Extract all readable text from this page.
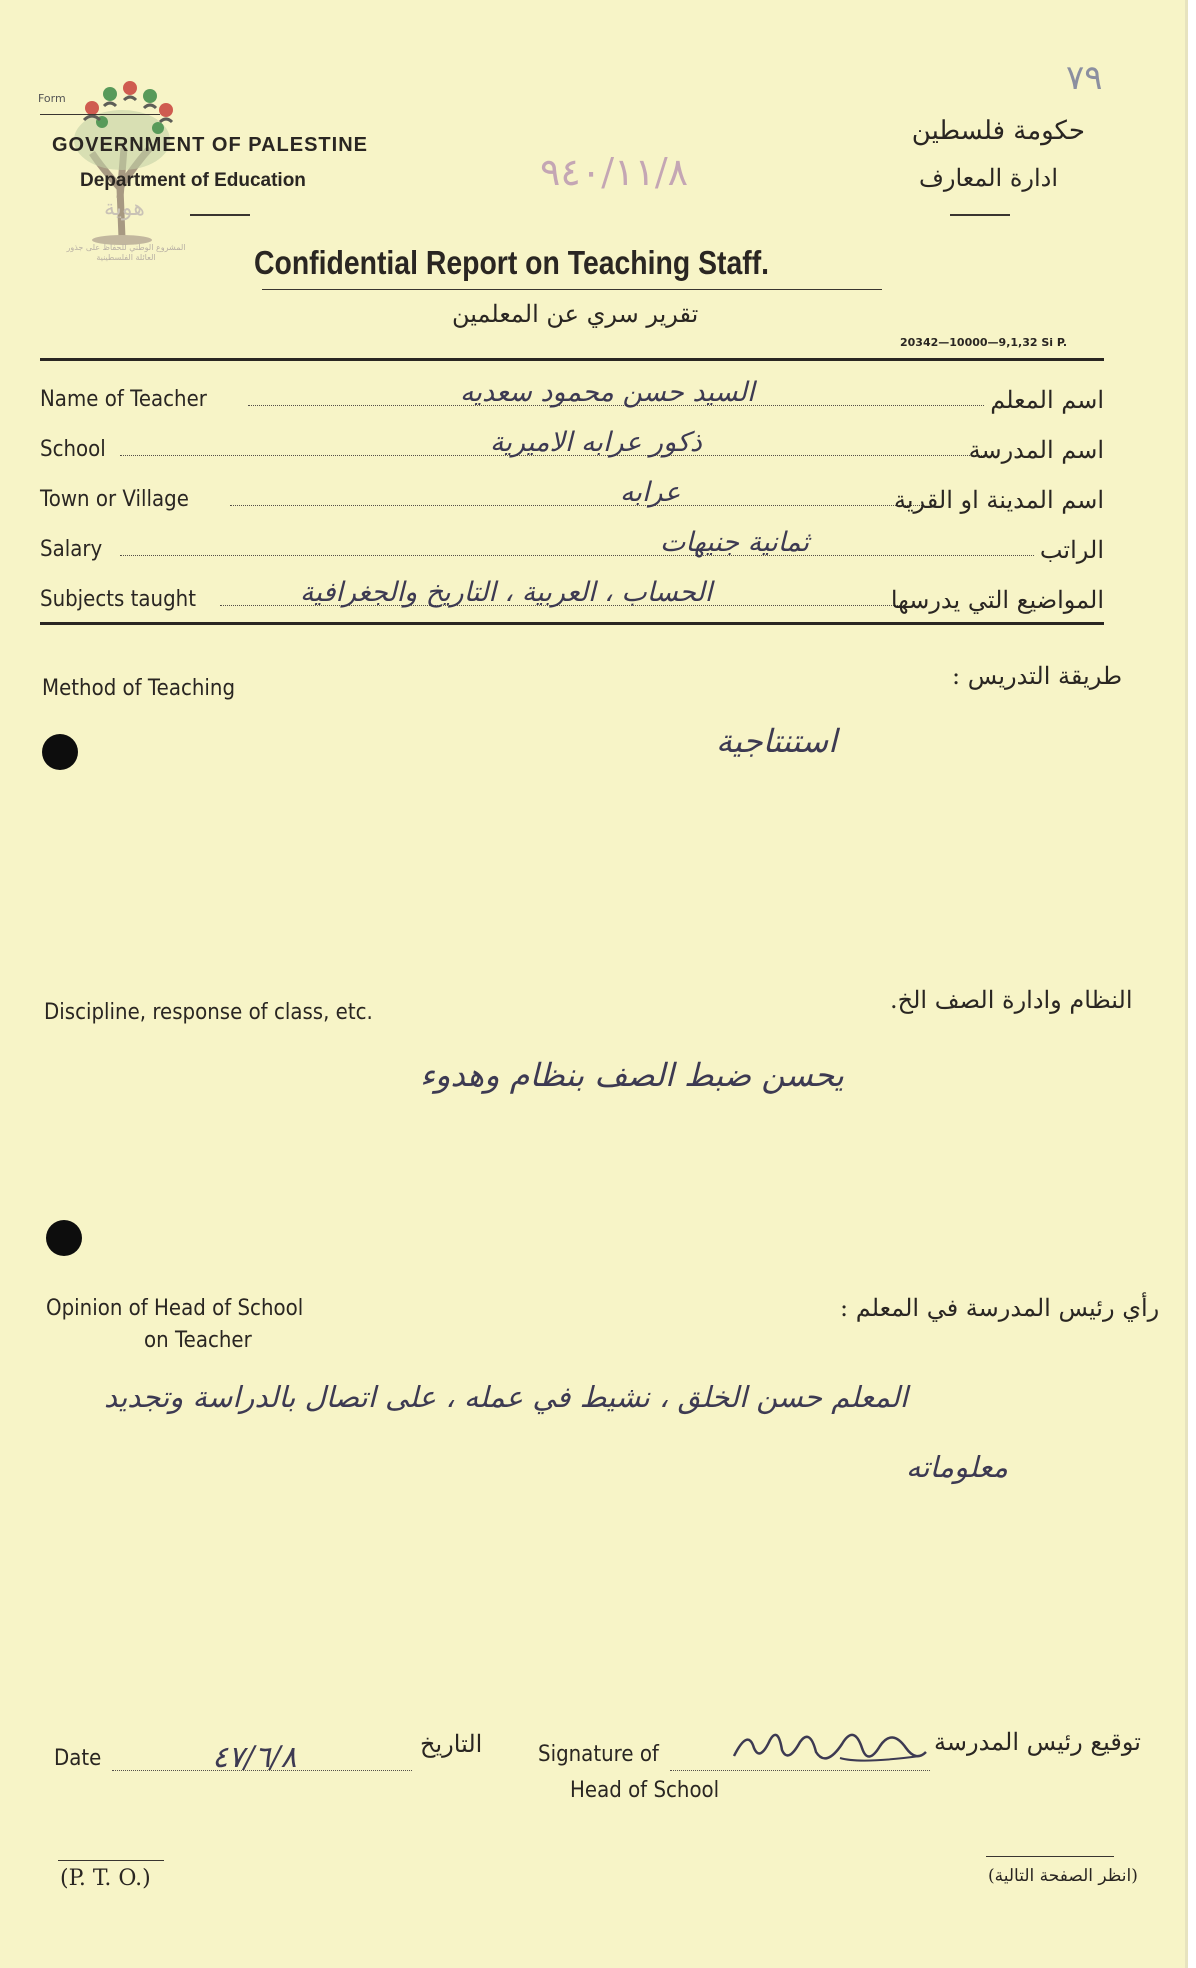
هوية
المشروع الوطني للحفاظ على جذور العائلة الفلسطينية
Form
٧٩
GOVERNMENT OF PALESTINE
Department of Education
حكومة فلسطين
ادارة المعارف
٩٤٠/١١/٨
Confidential Report on Teaching Staff.
تقرير سري عن المعلمين
20342—10000—9,1,32 Si P.
Name of Teacher	السيد حسن محمود سعديه	اسم المعلم
School	ذكور عرابه الاميرية	اسم المدرسة
Town or Village	عرابه	اسم المدينة او القرية
Salary	ثمانية جنيهات	الراتب
Subjects taught	الحساب ، العربية ، التاريخ والجغرافية	المواضيع التي يدرسها
Method of Teaching	طريقة التدريس :
استنتاجية
Discipline, response of class, etc.	النظام وادارة الصف الخ.
يحسن ضبط الصف بنظام وهدوء
Opinion of Head of School
on Teacher
رأي رئيس المدرسة في المعلم :
المعلم حسن الخلق ، نشيط في عمله ، على اتصال بالدراسة وتجديد
معلوماته
Date	٤٧/٦/٨	التاريخ	Signature of
Head of School
توقيع رئيس المدرسة
(P. T. O.)	(انظر الصفحة التالية)
